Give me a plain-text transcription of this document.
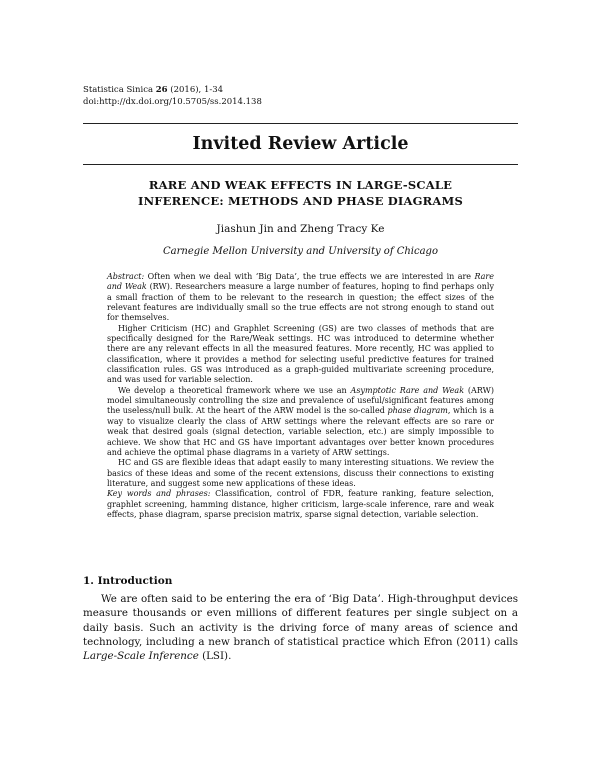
Statistica Sinica 26 (2016), 1-34
doi:http://dx.doi.org/10.5705/ss.2014.138
Invited Review Article
RARE AND WEAK EFFECTS IN LARGE-SCALE
INFERENCE: METHODS AND PHASE DIAGRAMS
Jiashun Jin and Zheng Tracy Ke
Carnegie Mellon University and University of Chicago

Abstract: Often when we deal with ‘Big Data’, the true effects we are interested in are Rare and Weak (RW). Researchers measure a large number of features, hoping to find perhaps only a small fraction of them to be relevant to the research in question; the effect sizes of the relevant features are individually small so the true effects are not strong enough to stand out for themselves.

Higher Criticism (HC) and Graphlet Screening (GS) are two classes of methods that are specifically designed for the Rare/Weak settings. HC was introduced to determine whether there are any relevant effects in all the measured features. More recently, HC was applied to classification, where it provides a method for selecting useful predictive features for trained classification rules. GS was introduced as a graph-guided multivariate screening procedure, and was used for variable selection.

We develop a theoretical framework where we use an Asymptotic Rare and Weak (ARW) model simultaneously controlling the size and prevalence of useful/significant features among the useless/null bulk. At the heart of the ARW model is the so-called phase diagram, which is a way to visualize clearly the class of ARW settings where the relevant effects are so rare or weak that desired goals (signal detection, variable selection, etc.) are simply impossible to achieve. We show that HC and GS have important advantages over better known procedures and achieve the optimal phase diagrams in a variety of ARW settings.

HC and GS are flexible ideas that adapt easily to many interesting situations. We review the basics of these ideas and some of the recent extensions, discuss their connections to existing literature, and suggest some new applications of these ideas.

Key words and phrases: Classification, control of FDR, feature ranking, feature selection, graphlet screening, hamming distance, higher criticism, large-scale inference, rare and weak effects, phase diagram, sparse precision matrix, sparse signal detection, variable selection.

1. Introduction
We are often said to be entering the era of ‘Big Data’. High-throughput devices measure thousands or even millions of different features per single subject on a daily basis. Such an activity is the driving force of many areas of science and technology, including a new branch of statistical practice which Efron (2011) calls Large-Scale Inference (LSI).
